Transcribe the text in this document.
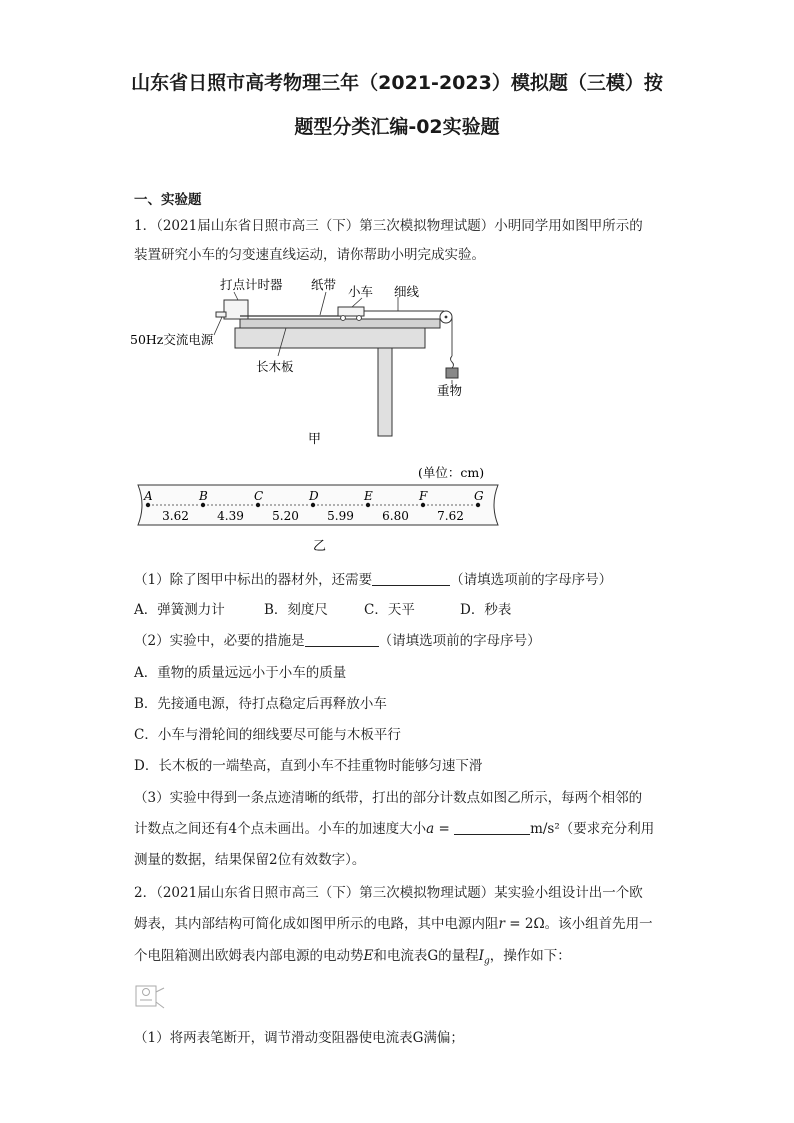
山东省日照市高考物理三年（2021-2023）模拟题（三模）按
题型分类汇编-02实验题
一、实验题
1．（2021届山东省日照市高三（下）第三次模拟物理试题）小明同学用如图甲所示的
装置研究小车的匀变速直线运动，请你帮助小明完成实验。
打点计时器 纸带 小车 细线
50Hz交流电源
长木板
重物
甲
(单位：cm)
A	B	C	D	E	F	G
3.62 4.39 5.20 5.99 6.80 7.62
乙
（1）除了图甲中标出的器材外，还需要	（请填选项前的字母序号）
A．弹簧测力计	B．刻度尺	C．天平	D．秒表
（2）实验中，必要的措施是	（请填选项前的字母序号）
A．重物的质量远远小于小车的质量
B．先接通电源，待打点稳定后再释放小车
C．小车与滑轮间的细线要尽可能与木板平行
D．长木板的一端垫高，直到小车不挂重物时能够匀速下滑
（3）实验中得到一条点迹清晰的纸带，打出的部分计数点如图乙所示，每两个相邻的
计数点之间还有4个点未画出。小车的加速度大小a =	m/s²（要求充分利用
测量的数据，结果保留2位有效数字）。
2．（2021届山东省日照市高三（下）第三次模拟物理试题）某实验小组设计出一个欧
姆表，其内部结构可简化成如图甲所示的电路，其中电源内阻r = 2Ω。该小组首先用一
个电阻箱测出欧姆表内部电源的电动势E和电流表G的量程$I_g$，操作如下：
（1）将两表笔断开，调节滑动变阻器使电流表G满偏；
